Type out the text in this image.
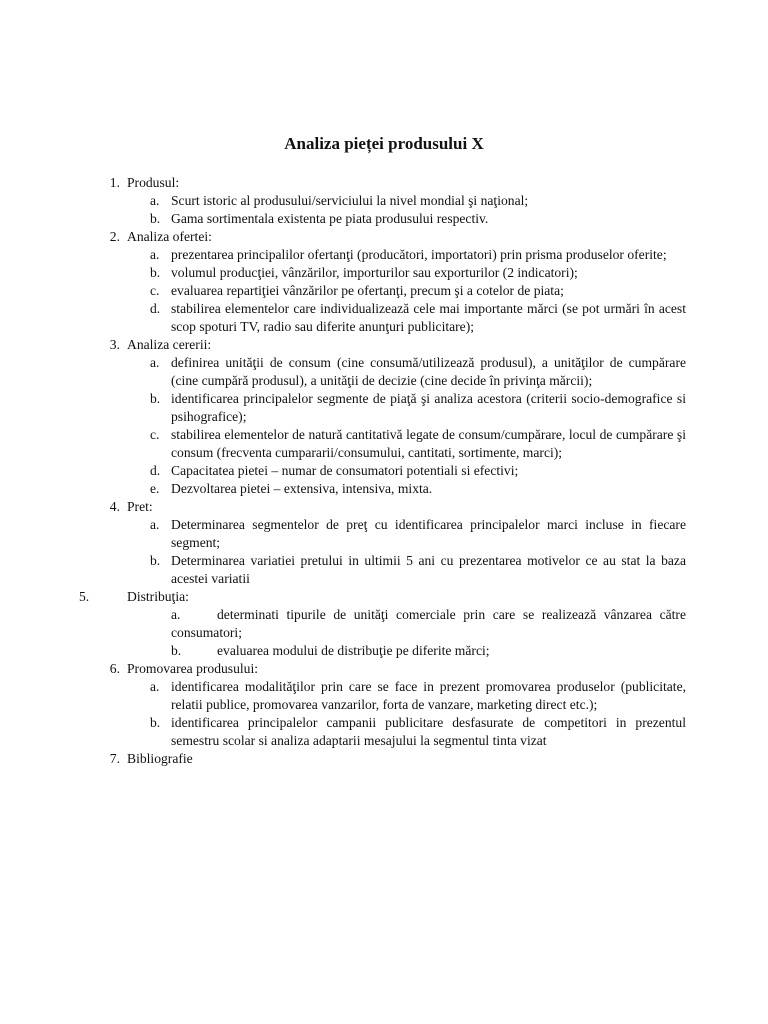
Analiza pieței produsului X
1. Produsul:
a. Scurt istoric al produsului/serviciului la nivel mondial şi naţional;
b. Gama sortimentala existenta pe piata produsului respectiv.
2. Analiza ofertei:
a. prezentarea principalilor ofertanţi (producători, importatori) prin prisma produselor oferite;
b. volumul producţiei, vânzărilor, importurilor sau exporturilor (2 indicatori);
c. evaluarea repartiţiei vânzărilor pe ofertanţi, precum şi a cotelor de piata;
d. stabilirea elementelor care individualizează cele mai importante mărci (se pot urmări în acest scop spoturi TV, radio sau diferite anunţuri publicitare);
3. Analiza cererii:
a. definirea unităţii de consum (cine consumă/utilizează produsul), a unităţilor de cumpărare (cine cumpără produsul), a unităţii de decizie (cine decide în privinţa mărcii);
b. identificarea principalelor segmente de piaţă şi analiza acestora (criterii socio-demografice si psihografice);
c. stabilirea elementelor de natură cantitativă legate de consum/cumpărare, locul de cumpărare şi consum (frecventa cumpararii/consumului, cantitati, sortimente, marci);
d. Capacitatea pietei – numar de consumatori potentiali si efectivi;
e. Dezvoltarea pietei – extensiva, intensiva, mixta.
4. Pret:
a. Determinarea segmentelor de preţ cu identificarea principalelor marci incluse in fiecare segment;
b. Determinarea variatiei pretului in ultimii 5 ani cu prezentarea motivelor ce au stat la baza acestei variatii
5.	Distribuţia:
a.	determinati tipurile de unităţi comerciale prin care se realizează vânzarea către consumatori;
b.	evaluarea modului de distribuţie pe diferite mărci;
6. Promovarea produsului:
a. identificarea modalităţilor prin care se face in prezent promovarea produselor (publicitate, relatii publice, promovarea vanzarilor, forta de vanzare, marketing direct etc.);
b. identificarea principalelor campanii publicitare desfasurate de competitori in prezentul semestru scolar si analiza adaptarii mesajului la segmentul tinta vizat
7. Bibliografie
